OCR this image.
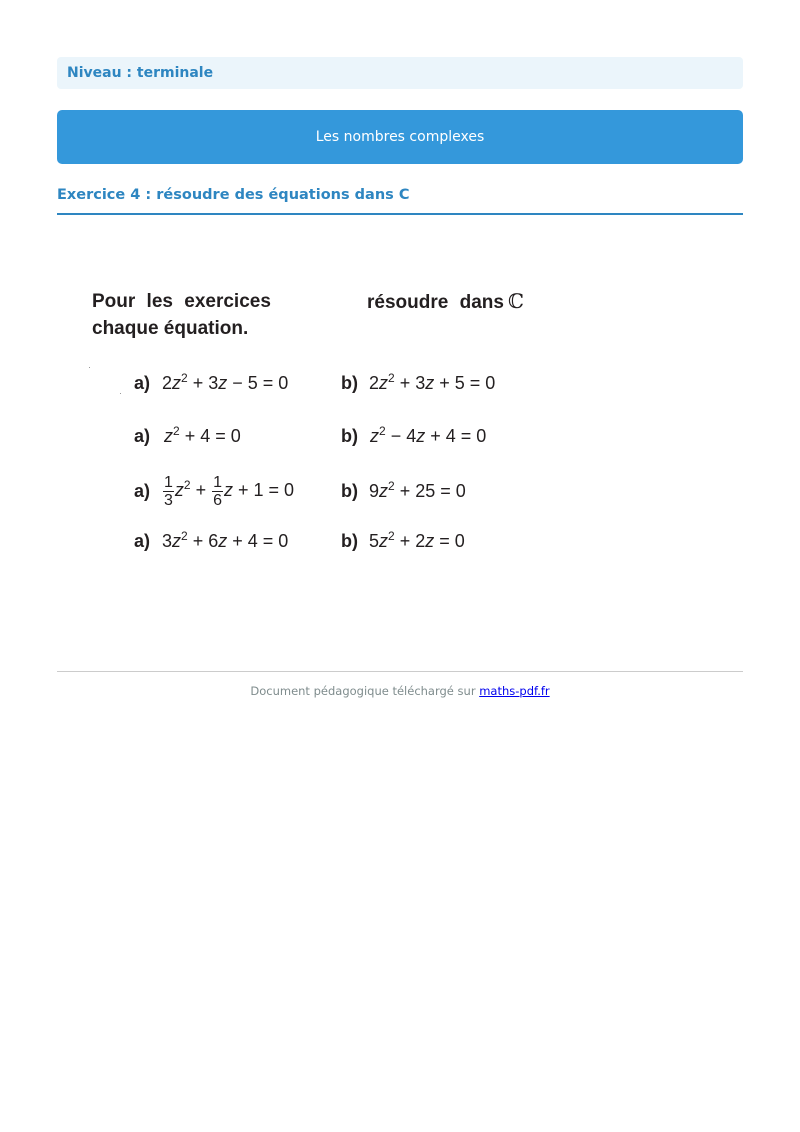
Niveau : terminale
Les nombres complexes
Exercice 4 : résoudre des équations dans C
Pour les exercices	résoudre dans ℂ
chaque équation.
a) $2z^2 + 3z - 5 = 0$	b) $2z^2 + 3z + 5 = 0$
a) $z^2 + 4 = 0$	b) $z^2 - 4z + 4 = 0$
$a) \frac{1}{3} z^2 + \frac{1}{6}$ z + 1 = 0	b) $9z^2 + 25 = 0$
a) $3z^2 + 6z + 4 = 0$	b) $5z^2 + 2z = 0$
Document pédagogique téléchargé sur maths-pdf.fr
